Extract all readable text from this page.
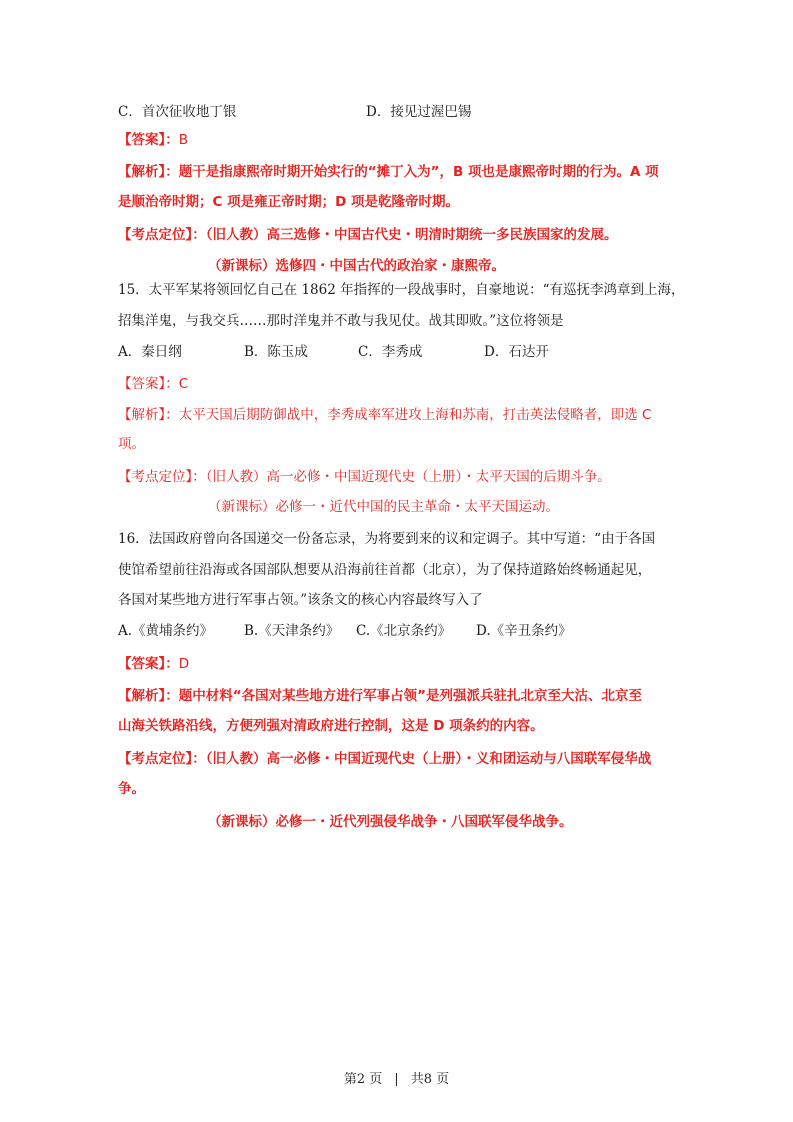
C．首次征收地丁银	D．接见过渥巴锡
【答案】：B
【解析】：题干是指康熙帝时期开始实行的“摊丁入为”，B 项也是康熙帝时期的行为。A 项
是顺治帝时期；C 项是雍正帝时期；D 项是乾隆帝时期。
【考点定位】：（旧人教）高三选修・中国古代史・明清时期统一多民族国家的发展。
（新课标）选修四・中国古代的政治家・康熙帝。
15．太平军某将领回忆自己在 1862 年指挥的一段战事时，自豪地说：“有巡抚李鸿章到上海，
招集洋鬼，与我交兵……那时洋鬼并不敢与我见仗。战其即败。”这位将领是
A．秦日纲	B．陈玉成	C．李秀成	D．石达开
【答案】：C
【解析】：太平天国后期防御战中，李秀成率军进攻上海和苏南，打击英法侵略者，即选 C
项。
【考点定位】：（旧人教）高一必修・中国近现代史（上册）・太平天国的后期斗争。
（新课标）必修一・近代中国的民主革命・太平天国运动。
16．法国政府曾向各国递交一份备忘录，为将要到来的议和定调子。其中写道：“由于各国
使馆希望前往沿海或各国部队想要从沿海前往首都（北京），为了保持道路始终畅通起见，
各国对某些地方进行军事占领。”该条文的核心内容最终写入了
A.《黄埔条约》 B.《天津条约》 C.《北京条约》 D.《辛丑条约》
【答案】：D
【解析】：题中材料“各国对某些地方进行军事占领”是列强派兵驻扎北京至大沽、北京至
山海关铁路沿线，方便列强对清政府进行控制，这是 D 项条约的内容。
【考点定位】：（旧人教）高一必修・中国近现代史（上册）・义和团运动与八国联军侵华战
争。
（新课标）必修一・近代列强侵华战争・八国联军侵华战争。
第2 页 | 共8 页
